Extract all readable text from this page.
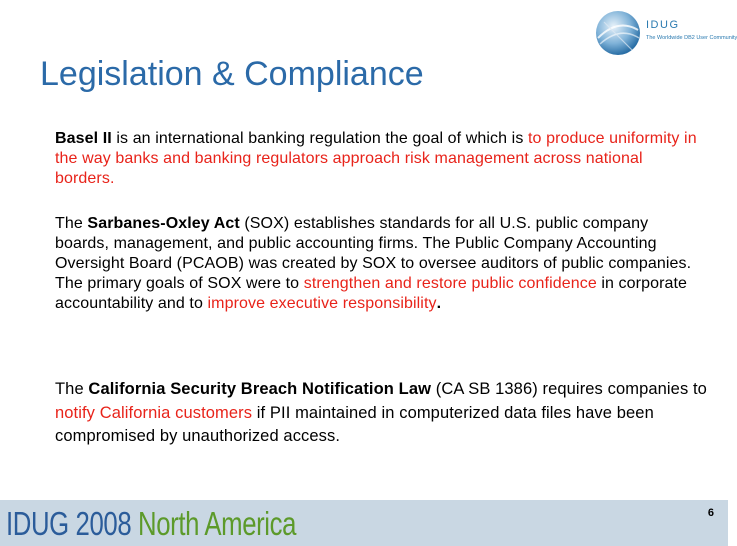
IDUG
The Worldwide DB2 User Community
Legislation & Compliance

Basel II is an international banking regulation the goal of which is to produce uniformity in the way banks and banking regulators approach risk management across national borders.

The Sarbanes-Oxley Act (SOX) establishes standards for all U.S. public company boards, management, and public accounting firms. The Public Company Accounting Oversight Board (PCAOB) was created by SOX to oversee auditors of public companies. The primary goals of SOX were to strengthen and restore public confidence in corporate accountability and to improve executive responsibility.

The California Security Breach Notification Law (CA SB 1386) requires companies to notify California customers if PII maintained in computerized data files have been compromised by unauthorized access.

IDUG 2008 North America	6
